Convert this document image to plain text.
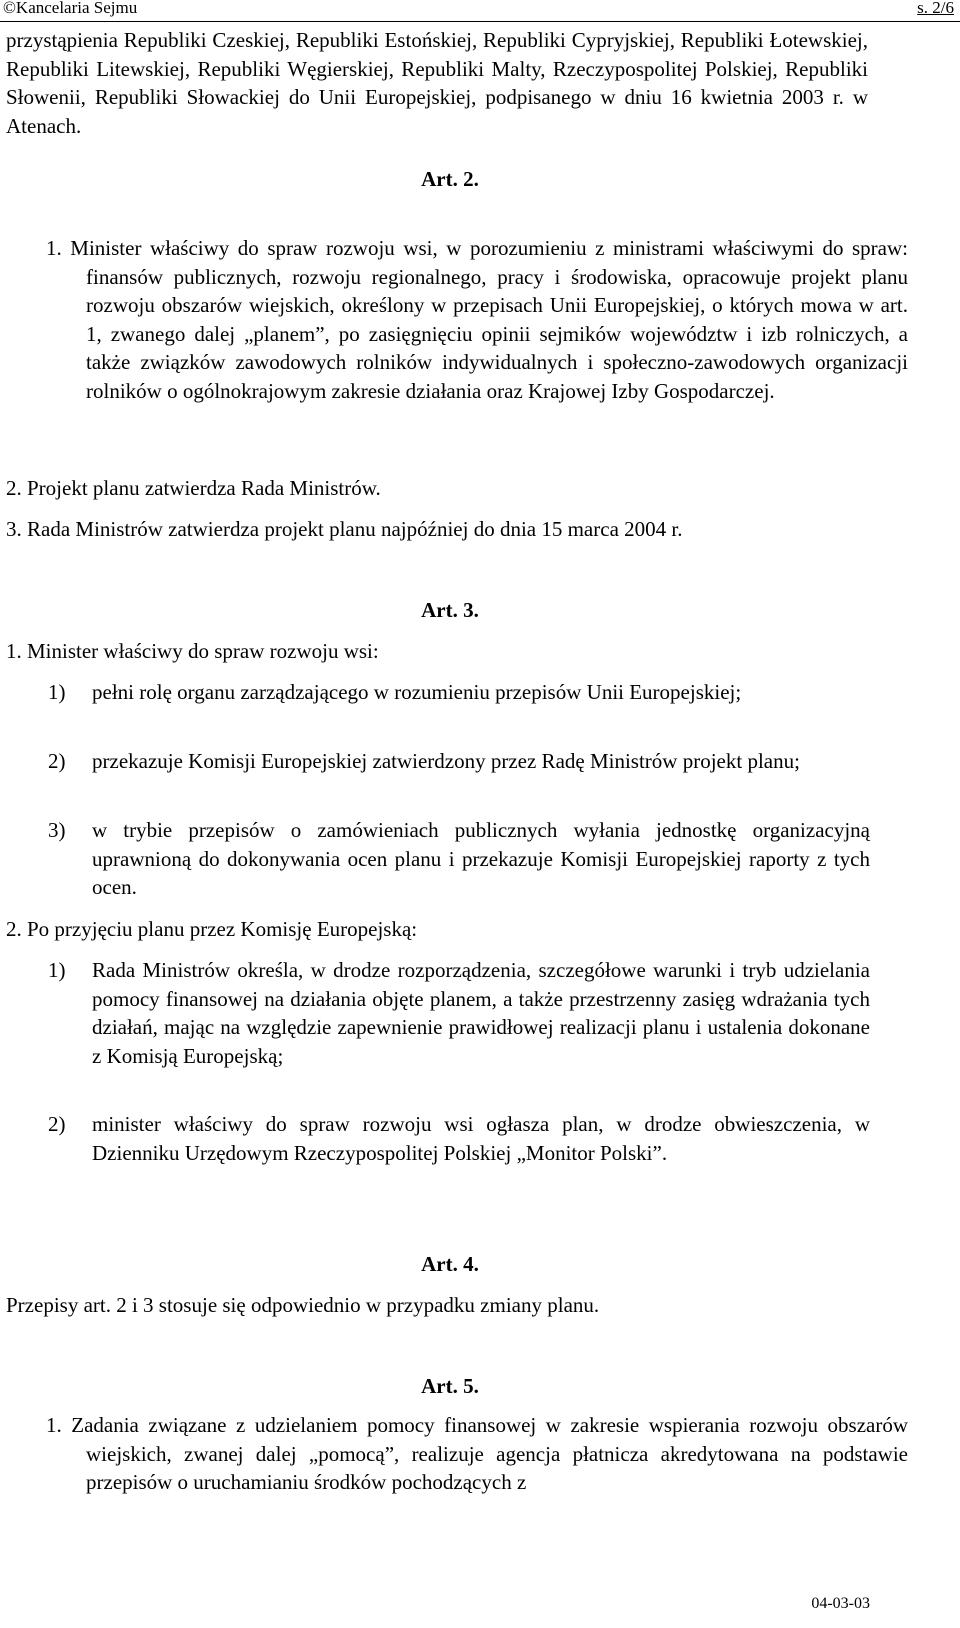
©Kancelaria Sejmu	s. 2/6
przystąpienia Republiki Czeskiej, Republiki Estońskiej, Republiki Cypryjskiej, Republiki Łotewskiej, Republiki Litewskiej, Republiki Węgierskiej, Republiki Malty, Rzeczypospolitej Polskiej, Republiki Słowenii, Republiki Słowackiej do Unii Europejskiej, podpisanego w dniu 16 kwietnia 2003 r. w Atenach.
Art. 2.
1. Minister właściwy do spraw rozwoju wsi, w porozumieniu z ministrami właściwymi do spraw: finansów publicznych, rozwoju regionalnego, pracy i środowiska, opracowuje projekt planu rozwoju obszarów wiejskich, określony w przepisach Unii Europejskiej, o których mowa w art. 1, zwanego dalej „planem”, po zasięgnięciu opinii sejmików województw i izb rolniczych, a także związków zawodowych rolników indywidualnych i społeczno-zawodowych organizacji rolników o ogólnokrajowym zakresie działania oraz Krajowej Izby Gospodarczej.
2. Projekt planu zatwierdza Rada Ministrów.
3. Rada Ministrów zatwierdza projekt planu najpóźniej do dnia 15 marca 2004 r.
Art. 3.
1. Minister właściwy do spraw rozwoju wsi:
1)	pełni rolę organu zarządzającego w rozumieniu przepisów Unii Europejskiej;
2)	przekazuje Komisji Europejskiej zatwierdzony przez Radę Ministrów projekt planu;
3)	w trybie przepisów o zamówieniach publicznych wyłania jednostkę organizacyjną uprawnioną do dokonywania ocen planu i przekazuje Komisji Europejskiej raporty z tych ocen.
2. Po przyjęciu planu przez Komisję Europejską:
1)	Rada Ministrów określa, w drodze rozporządzenia, szczegółowe warunki i tryb udzielania pomocy finansowej na działania objęte planem, a także przestrzenny zasięg wdrażania tych działań, mając na względzie zapewnienie prawidłowej realizacji planu i ustalenia dokonane z Komisją Europejską;
2)	minister właściwy do spraw rozwoju wsi ogłasza plan, w drodze obwieszczenia, w Dzienniku Urzędowym Rzeczypospolitej Polskiej „Monitor Polski”.
Art. 4.
Przepisy art. 2 i 3 stosuje się odpowiednio w przypadku zmiany planu.
Art. 5.
1. Zadania związane z udzielaniem pomocy finansowej w zakresie wspierania rozwoju obszarów wiejskich, zwanej dalej „pomocą”, realizuje agencja płatnicza akredytowana na podstawie przepisów o uruchamianiu środków pochodzących z
04-03-03
